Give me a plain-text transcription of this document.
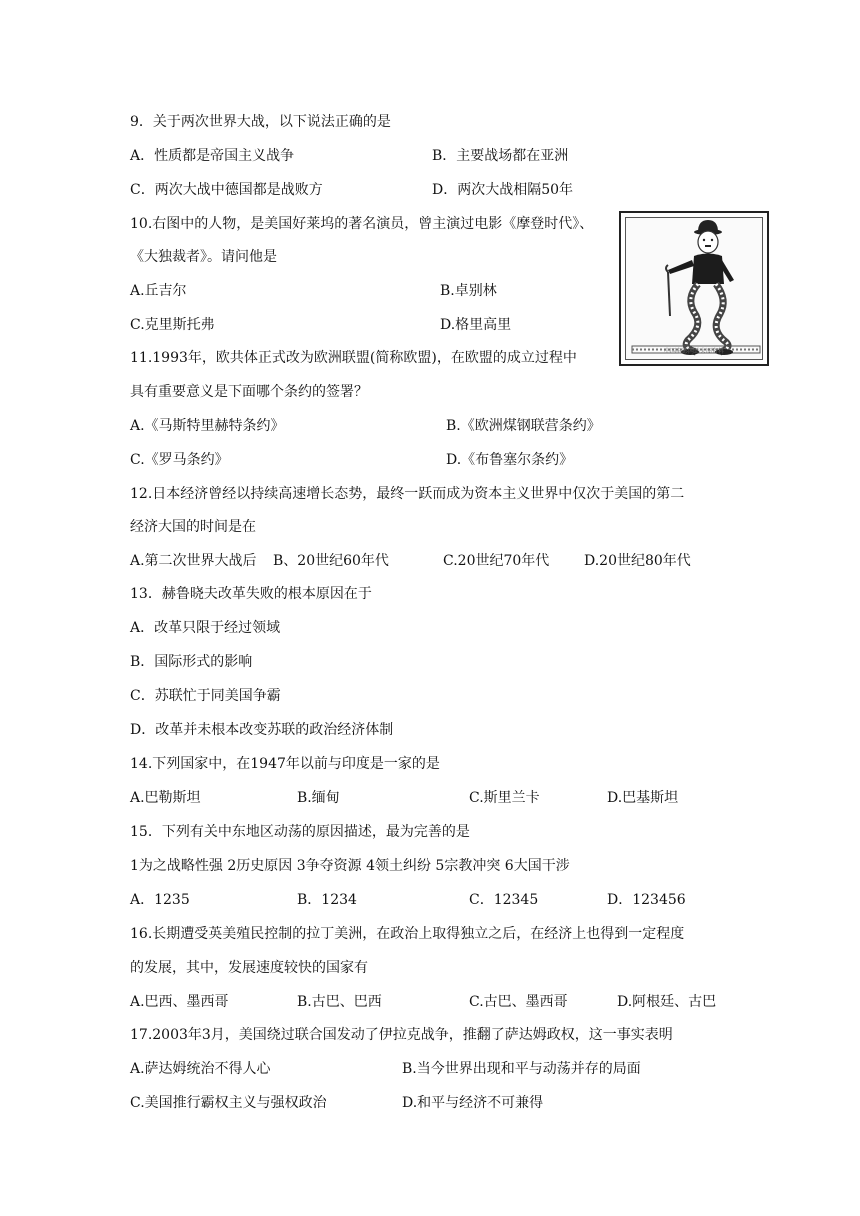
9．关于两次世界大战，以下说法正确的是
A．性质都是帝国主义战争	B．主要战场都在亚洲
C．两次大战中德国都是战败方	D．两次大战相隔50年
10.右图中的人物，是美国好莱坞的著名演员，曾主演过电影《摩登时代》、
《大独裁者》。请问他是
A.丘吉尔	B.卓别林
C.克里斯托弗	D.格里高里
中国电影网站大图资料
11.1993年，欧共体正式改为欧洲联盟(简称欧盟)，在欧盟的成立过程中
具有重要意义是下面哪个条约的签署？
A.《马斯特里赫特条约》	B.《欧洲煤钢联营条约》
C.《罗马条约》	D.《布鲁塞尔条约》
12.日本经济曾经以持续高速增长态势，最终一跃而成为资本主义世界中仅次于美国的第二
经济大国的时间是在
A.第二次世界大战后 B、20世纪60年代	C.20世纪70年代 D.20世纪80年代
13．赫鲁晓夫改革失败的根本原因在于
A．改革只限于经过领域
B．国际形式的影响
C．苏联忙于同美国争霸
D．改革并未根本改变苏联的政治经济体制
14.下列国家中，在1947年以前与印度是一家的是
A.巴勒斯坦	B.缅甸	C.斯里兰卡	D.巴基斯坦
15．下列有关中东地区动荡的原因描述，最为完善的是
1为之战略性强 2历史原因 3争夺资源 4领土纠纷 5宗教冲突 6大国干涉
A．1235	B．1234	C．12345	D．123456
16.长期遭受英美殖民控制的拉丁美洲，在政治上取得独立之后，在经济上也得到一定程度
的发展，其中，发展速度较快的国家有
A.巴西、墨西哥	B.古巴、巴西	C.古巴、墨西哥	D.阿根廷、古巴
17.2003年3月，美国绕过联合国发动了伊拉克战争，推翻了萨达姆政权，这一事实表明
A.萨达姆统治不得人心	B.当今世界出现和平与动荡并存的局面
C.美国推行霸权主义与强权政治	D.和平与经济不可兼得
